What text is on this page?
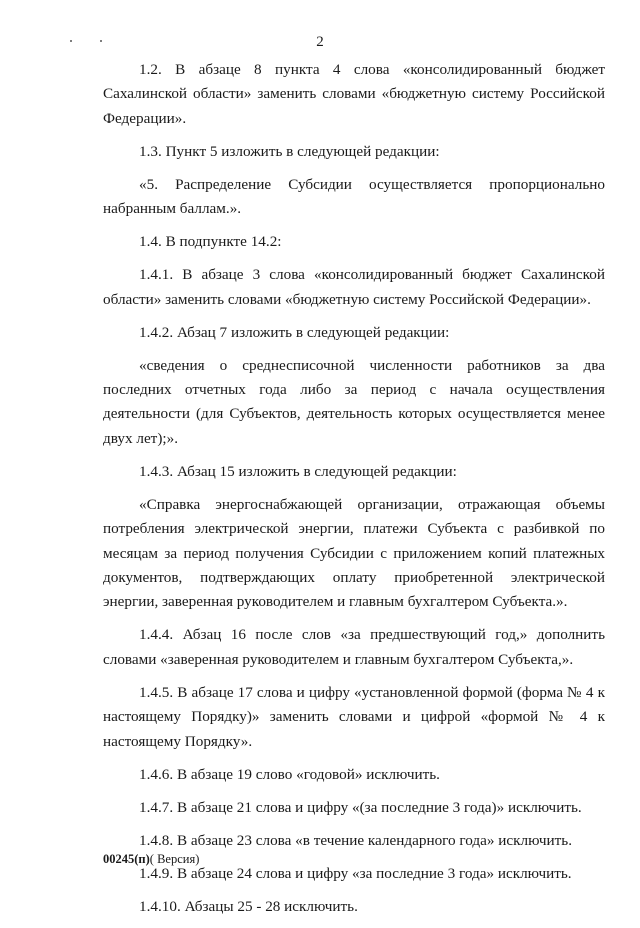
2

1.2. В абзаце 8 пункта 4 слова «консолидированный бюджет Сахалинской области» заменить словами «бюджетную систему Российской Федерации».

1.3. Пункт 5 изложить в следующей редакции:

«5. Распределение Субсидии осуществляется пропорционально набранным баллам.».

1.4. В подпункте 14.2:

1.4.1. В абзаце 3 слова «консолидированный бюджет Сахалинской области» заменить словами «бюджетную систему Российской Федерации».

1.4.2. Абзац 7 изложить в следующей редакции:

«сведения о среднесписочной численности работников за два последних отчетных года либо за период с начала осуществления деятельности (для Субъектов, деятельность которых осуществляется менее двух лет);».

1.4.3. Абзац 15 изложить в следующей редакции:

«Справка энергоснабжающей организации, отражающая объемы потребления электрической энергии, платежи Субъекта с разбивкой по месяцам за период получения Субсидии с приложением копий платежных документов, подтверждающих оплату приобретенной электрической энергии, заверенная руководителем и главным бухгалтером Субъекта.».

1.4.4. Абзац 16 после слов «за предшествующий год,» дополнить словами «заверенная руководителем и главным бухгалтером Субъекта,».

1.4.5. В абзаце 17 слова и цифру «установленной формой (форма № 4 к настоящему Порядку)» заменить словами и цифрой «формой № 4 к настоящему Порядку».

1.4.6. В абзаце 19 слово «годовой» исключить.

1.4.7. В абзаце 21 слова и цифру «(за последние 3 года)» исключить.

1.4.8. В абзаце 23 слова «в течение календарного года» исключить.

1.4.9. В абзаце 24 слова и цифру «за последние 3 года» исключить.

1.4.10. Абзацы 25 - 28 исключить.

00245(п)( Версия)
